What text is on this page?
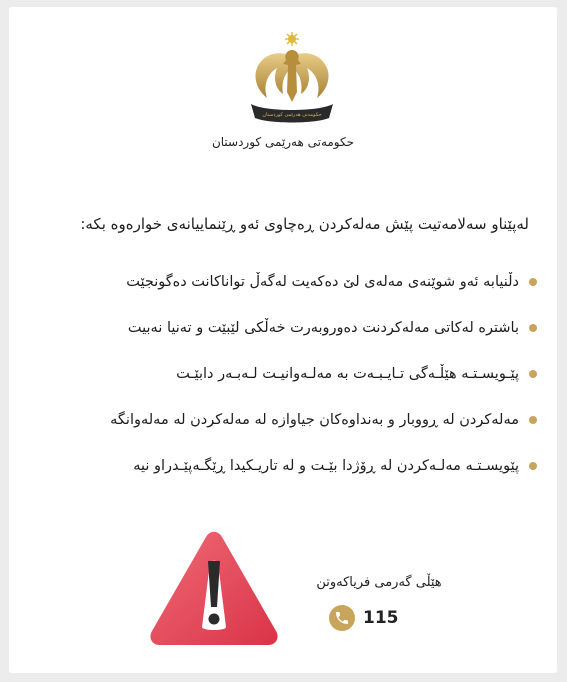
حکومەتی هەرێمی کوردستان
حکومەتی هەرێمی کوردستان
لەپێناو سەلامەتیت پێش مەلەکردن ڕەچاوی ئەو ڕێنماییانەی خوارەوە بکە:
دڵنیابە ئەو شوێنەی مەلەی لێ دەکەیت لەگەڵ تواناکانت دەگونجێت
باشترە لەکاتی مەلەکردنت دەوروبەرت خەڵکی لێبێت و تەنیا نەبیت
پێـویسـتـە هێڵـەگی تـایـبـەت بە مەلـەوانیـت لـەبـەر دابێـت
مەلەکردن لە ڕووبار و بەنداوەکان جیاوازە لە مەلەکردن لە مەلەوانگە
پێویسـتـە مەلـەکردن لە ڕۆژدا بێـت و لە تاریـکیدا ڕێگـەپێـدراو نیە
هێڵی گەرمی فریاکەوتن
115
